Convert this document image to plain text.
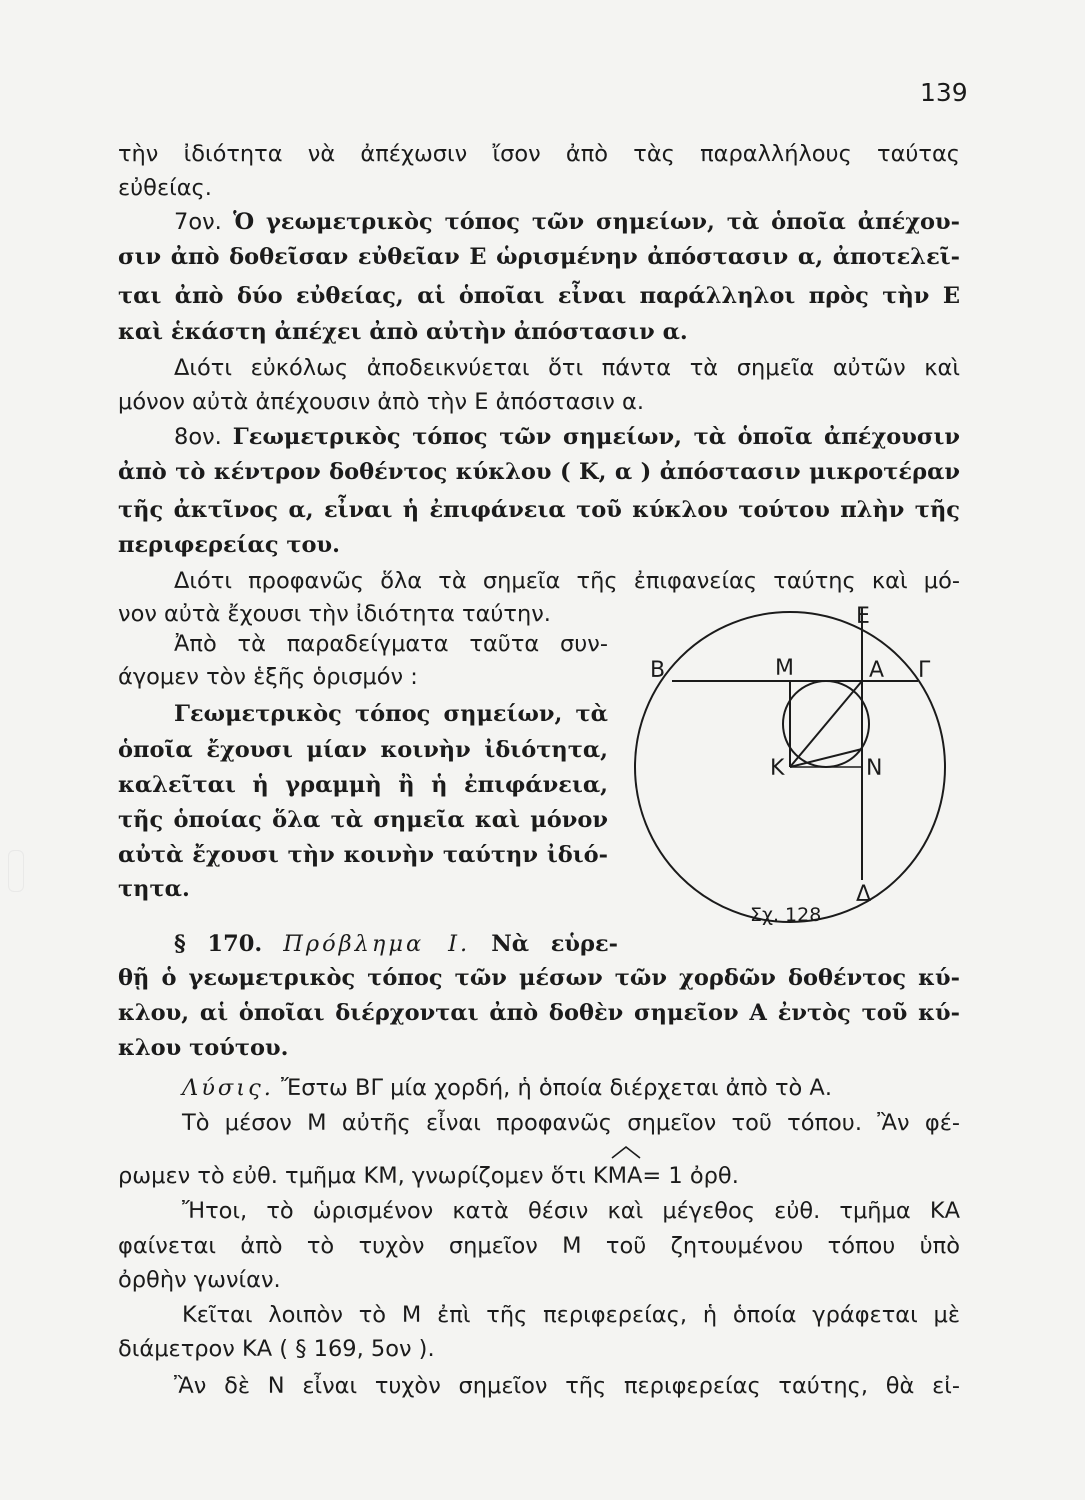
139
τὴν ἰδιότητα νὰ ἀπέχωσιν ἴσον ἀπὸ τὰς παραλλήλους ταύτας
εὐθείας.
7ον. Ὁ γεωμετρικὸς τόπος τῶν σημείων, τὰ ὁποῖα ἀπέχου-
σιν ἀπὸ δοθεῖσαν εὐθεῖαν Ε ὡρισμένην ἀπόστασιν α, ἀποτελεῖ-
ται ἀπὸ δύο εὐθείας, αἱ ὁποῖαι εἶναι παράλληλοι πρὸς τὴν Ε
καὶ ἑκάστη ἀπέχει ἀπὸ αὐτὴν ἀπόστασιν α.
Διότι εὐκόλως ἀποδεικνύεται ὅτι πάντα τὰ σημεῖα αὐτῶν καὶ
μόνον αὐτὰ ἀπέχουσιν ἀπὸ τὴν Ε ἀπόστασιν α.
8ον. Γεωμετρικὸς τόπος τῶν σημείων, τὰ ὁποῖα ἀπέχουσιν
ἀπὸ τὸ κέντρον δοθέντος κύκλου ( Κ, α ) ἀπόστασιν μικροτέραν
τῆς ἀκτῖνος α, εἶναι ἡ ἐπιφάνεια τοῦ κύκλου τούτου πλὴν τῆς
περιφερείας του.
Διότι προφανῶς ὅλα τὰ σημεῖα τῆς ἐπιφανείας ταύτης καὶ μό-
νον αὐτὰ ἔχουσι τὴν ἰδιότητα ταύτην.
Ἀπὸ τὰ παραδείγματα ταῦτα συν-
άγομεν τὸν ἑξῆς ὁρισμόν :
Γεωμετρικὸς τόπος σημείων, τὰ
ὁποῖα ἔχουσι μίαν κοινὴν ἰδιότητα,
καλεῖται ἡ γραμμὴ ἢ ἡ ἐπιφάνεια,
τῆς ὁποίας ὅλα τὰ σημεῖα καὶ μόνον
αὐτὰ ἔχουσι τὴν κοινὴν ταύτην ἰδιό-
τητα.
§ 170. Πρόβλημα Ι. Νὰ εὑρε-
θῇ ὁ γεωμετρικὸς τόπος τῶν μέσων τῶν χορδῶν δοθέντος κύ-
κλου, αἱ ὁποῖαι διέρχονται ἀπὸ δοθὲν σημεῖον Α ἐντὸς τοῦ κύ-
κλου τούτου.
Λύσις. Ἔστω ΒΓ μία χορδή, ἡ ὁποία διέρχεται ἀπὸ τὸ Α.
Τὸ μέσον Μ αὐτῆς εἶναι προφανῶς σημεῖον τοῦ τόπου. Ἂν φέ-
ρωμεν τὸ εὐθ. τμῆμα ΚΜ, γνωρίζομεν ὅτι ΚΜΑ= 1 ὀρθ.
Ἤτοι, τὸ ὡρισμένον κατὰ θέσιν καὶ μέγεθος εὐθ. τμῆμα ΚΑ
φαίνεται ἀπὸ τὸ τυχὸν σημεῖον Μ τοῦ ζητουμένου τόπου ὑπὸ
ὀρθὴν γωνίαν.
Κεῖται λοιπὸν τὸ Μ ἐπὶ τῆς περιφερείας, ἡ ὁποία γράφεται μὲ
διάμετρον ΚΑ ( § 169, 5ον ).
Ἂν δὲ Ν εἶναι τυχὸν σημεῖον τῆς περιφερείας ταύτης, θὰ εἰ-
Ε
Β	Μ	Α Γ
Κ	Ν
Δ
Σχ. 128
